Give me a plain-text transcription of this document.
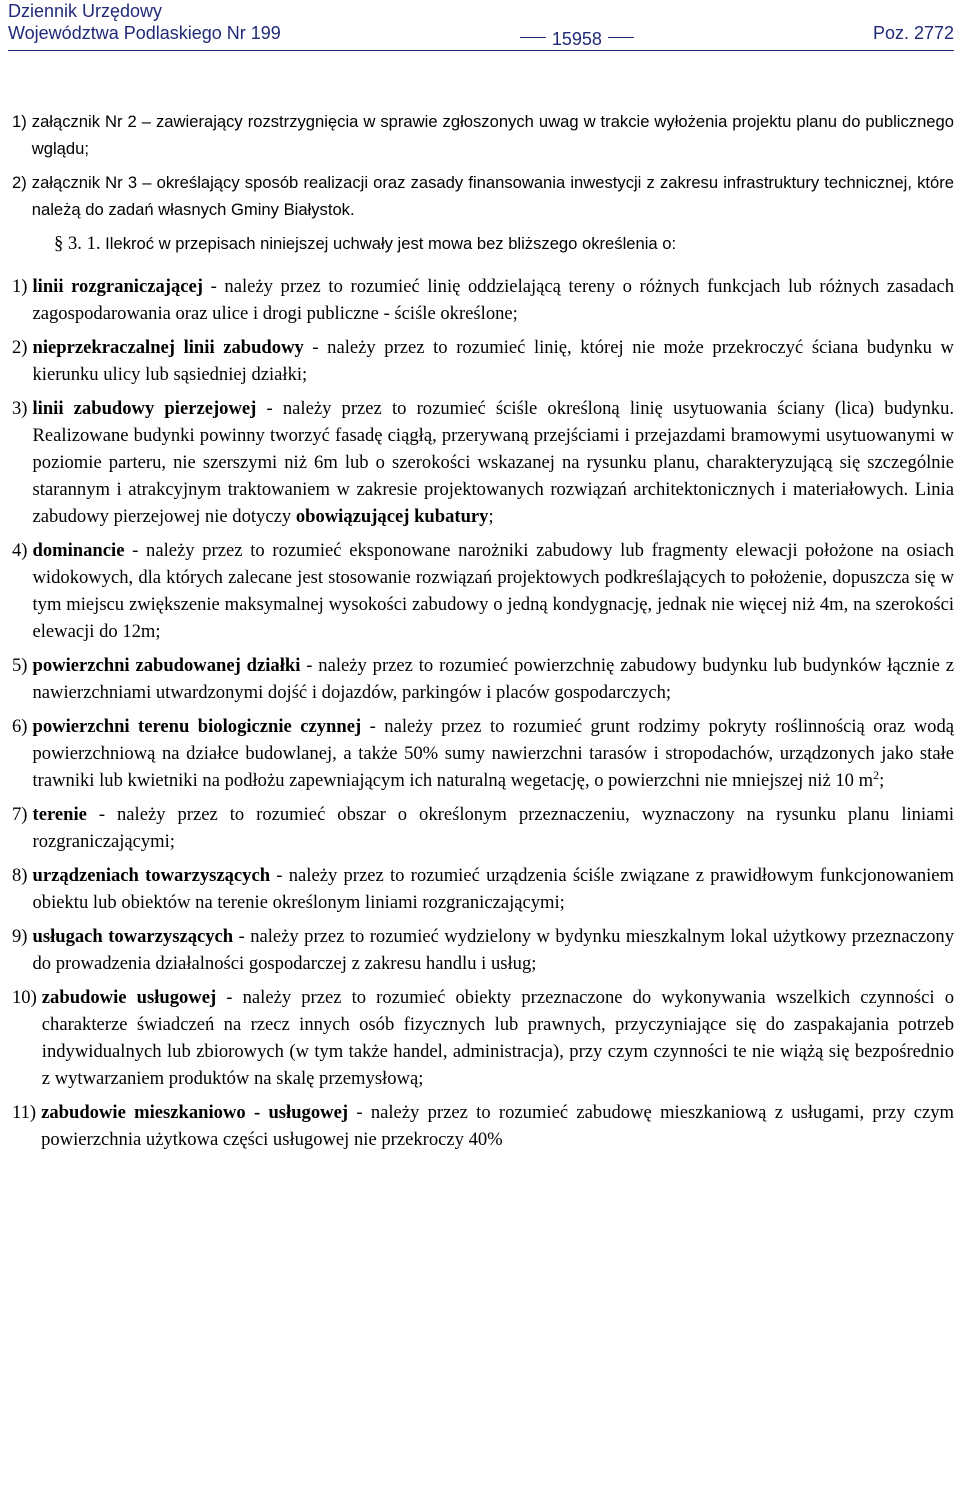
Dziennik Urzędowy
Województwa Podlaskiego Nr 199	15958	Poz. 2772
1) załącznik Nr 2 – zawierający rozstrzygnięcia w sprawie zgłoszonych uwag w trakcie wyłożenia projektu planu do publicznego wglądu;
2) załącznik Nr 3 – określający sposób realizacji oraz zasady finansowania inwestycji z zakresu infrastruktury technicznej, które należą do zadań własnych Gminy Białystok.
§ 3. 1. Ilekroć w przepisach niniejszej uchwały jest mowa bez bliższego określenia o:
1) linii rozgraniczającej - należy przez to rozumieć linię oddzielającą tereny o różnych funkcjach lub różnych zasadach zagospodarowania oraz ulice i drogi publiczne - ściśle określone;
2) nieprzekraczalnej linii zabudowy - należy przez to rozumieć linię, której nie może przekroczyć ściana budynku w kierunku ulicy lub sąsiedniej działki;
3) linii zabudowy pierzejowej - należy przez to rozumieć ściśle określoną linię usytuowania ściany (lica) budynku. Realizowane budynki powinny tworzyć fasadę ciągłą, przerywaną przejściami i przejazdami bramowymi usytuowanymi w poziomie parteru, nie szerszymi niż 6m lub o szerokości wskazanej na rysunku planu, charakteryzującą się szczególnie starannym i atrakcyjnym traktowaniem w zakresie projektowanych rozwiązań architektonicznych i materiałowych. Linia zabudowy pierzejowej nie dotyczy obowiązującej kubatury;
4) dominancie - należy przez to rozumieć eksponowane narożniki zabudowy lub fragmenty elewacji położone na osiach widokowych, dla których zalecane jest stosowanie rozwiązań projektowych podkreślających to położenie, dopuszcza się w tym miejscu zwiększenie maksymalnej wysokości zabudowy o jedną kondygnację, jednak nie więcej niż 4m, na szerokości elewacji do 12m;
5) powierzchni zabudowanej działki - należy przez to rozumieć powierzchnię zabudowy budynku lub budynków łącznie z nawierzchniami utwardzonymi dojść i dojazdów, parkingów i placów gospodarczych;
6) powierzchni terenu biologicznie czynnej - należy przez to rozumieć grunt rodzimy pokryty roślinnością oraz wodą powierzchniową na działce budowlanej, a także 50% sumy nawierzchni tarasów i stropodachów, urządzonych jako stałe trawniki lub kwietniki na podłożu zapewniającym ich naturalną wegetację, o powierzchni nie mniejszej niż 10 $m^2$;
7) terenie - należy przez to rozumieć obszar o określonym przeznaczeniu, wyznaczony na rysunku planu liniami rozgraniczającymi;
8) urządzeniach towarzyszących - należy przez to rozumieć urządzenia ściśle związane z prawidłowym funkcjonowaniem obiektu lub obiektów na terenie określonym liniami rozgraniczającymi;
9) usługach towarzyszących - należy przez to rozumieć wydzielony w bydynku mieszkalnym lokal użytkowy przeznaczony do prowadzenia działalności gospodarczej z zakresu handlu i usług;
10) zabudowie usługowej - należy przez to rozumieć obiekty przeznaczone do wykonywania wszelkich czynności o charakterze świadczeń na rzecz innych osób fizycznych lub prawnych, przyczyniające się do zaspakajania potrzeb indywidualnych lub zbiorowych (w tym także handel, administracja), przy czym czynności te nie wiążą się bezpośrednio z wytwarzaniem produktów na skalę przemysłową;
11) zabudowie mieszkaniowo - usługowej - należy przez to rozumieć zabudowę mieszkaniową z usługami, przy czym powierzchnia użytkowa części usługowej nie przekroczy 40%
